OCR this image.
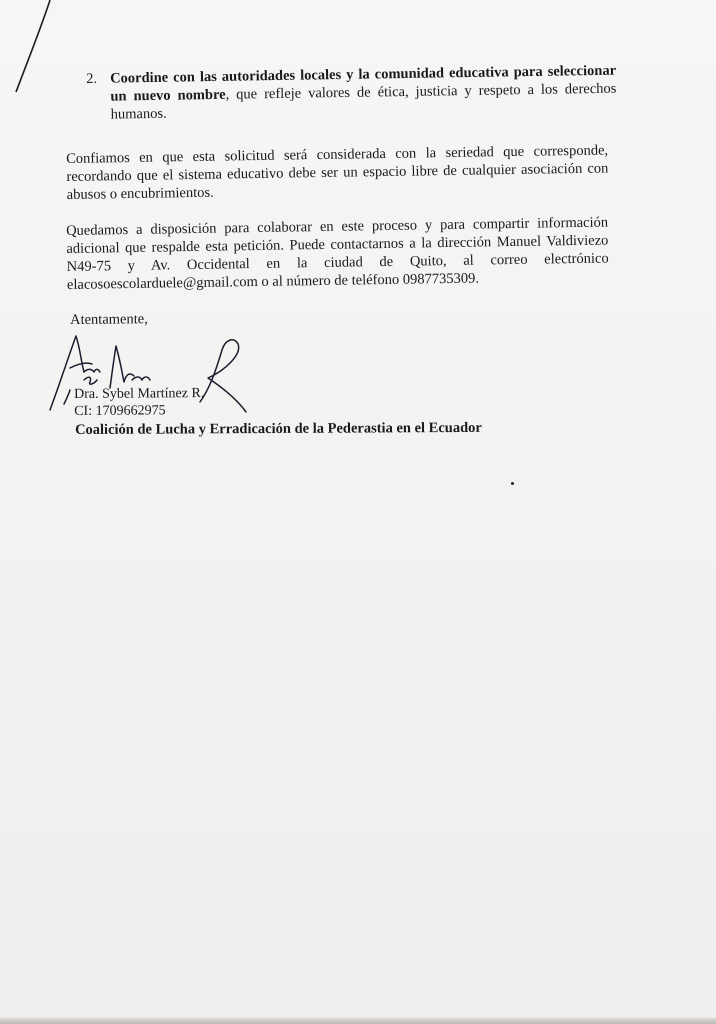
2. Coordine con las autoridades locales y la comunidad educativa para seleccionar un nuevo nombre, que refleje valores de ética, justicia y respeto a los derechos humanos.
Confiamos en que esta solicitud será considerada con la seriedad que corresponde, recordando que el sistema educativo debe ser un espacio libre de cualquier asociación con abusos o encubrimientos.
Quedamos a disposición para colaborar en este proceso y para compartir información adicional que respalde esta petición. Puede contactarnos a la dirección Manuel Valdiviezo N49-75 y Av. Occidental en la ciudad de Quito, al correo electrónico elacosoescolarduele@gmail.com o al número de teléfono 0987735309.
Atentamente,
Dra. Sybel Martínez R.
CI: 1709662975
Coalición de Lucha y Erradicación de la Pederastia en el Ecuador
